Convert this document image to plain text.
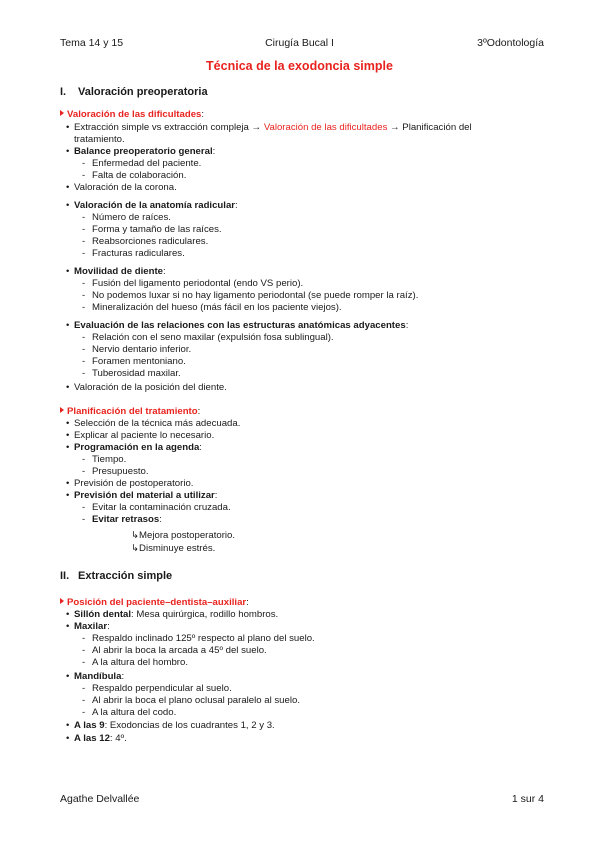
Tema 14 y 15	Cirugía Bucal I	3ºOdontología
Técnica de la exodoncia simple
I. Valoración preoperatoria
Valoración de las dificultades:
• Extracción simple vs extracción compleja → Valoración de las dificultades → Planificación del
tratamiento.
• Balance preoperatorio general:
- Enfermedad del paciente.
- Falta de colaboración.
• Valoración de la corona.
• Valoración de la anatomía radicular:
- Número de raíces.
- Forma y tamaño de las raíces.
- Reabsorciones radiculares.
- Fracturas radiculares.
• Movilidad de diente:
- Fusión del ligamento periodontal (endo VS perio).
- No podemos luxar si no hay ligamento periodontal (se puede romper la raíz).
- Mineralización del hueso (más fácil en los paciente viejos).
• Evaluación de las relaciones con las estructuras anatómicas adyacentes:
- Relación con el seno maxilar (expulsión fosa sublingual).
- Nervio dentario inferior.
- Foramen mentoniano.
- Tuberosidad maxilar.
• Valoración de la posición del diente.
Planificación del tratamiento:
• Selección de la técnica más adecuada.
• Explicar al paciente lo necesario.
• Programación en la agenda:
- Tiempo.
- Presupuesto.
• Previsión de postoperatorio.
• Previsión del material a utilizar:
- Evitar la contaminación cruzada.
- Evitar retrasos:
↳Mejora postoperatorio.
↳Disminuye estrés.
II. Extracción simple
Posición del paciente–dentista–auxiliar:
• Sillón dental: Mesa quirúrgica, rodillo hombros.
• Maxilar:
- Respaldo inclinado 125º respecto al plano del suelo.
- Al abrir la boca la arcada a 45º del suelo.
- A la altura del hombro.
• Mandíbula:
- Respaldo perpendicular al suelo.
- Al abrir la boca el plano oclusal paralelo al suelo.
- A la altura del codo.
• A las 9: Exodoncias de los cuadrantes 1, 2 y 3.
• A las 12: 4º.
Agathe Delvallée	1 sur 4
